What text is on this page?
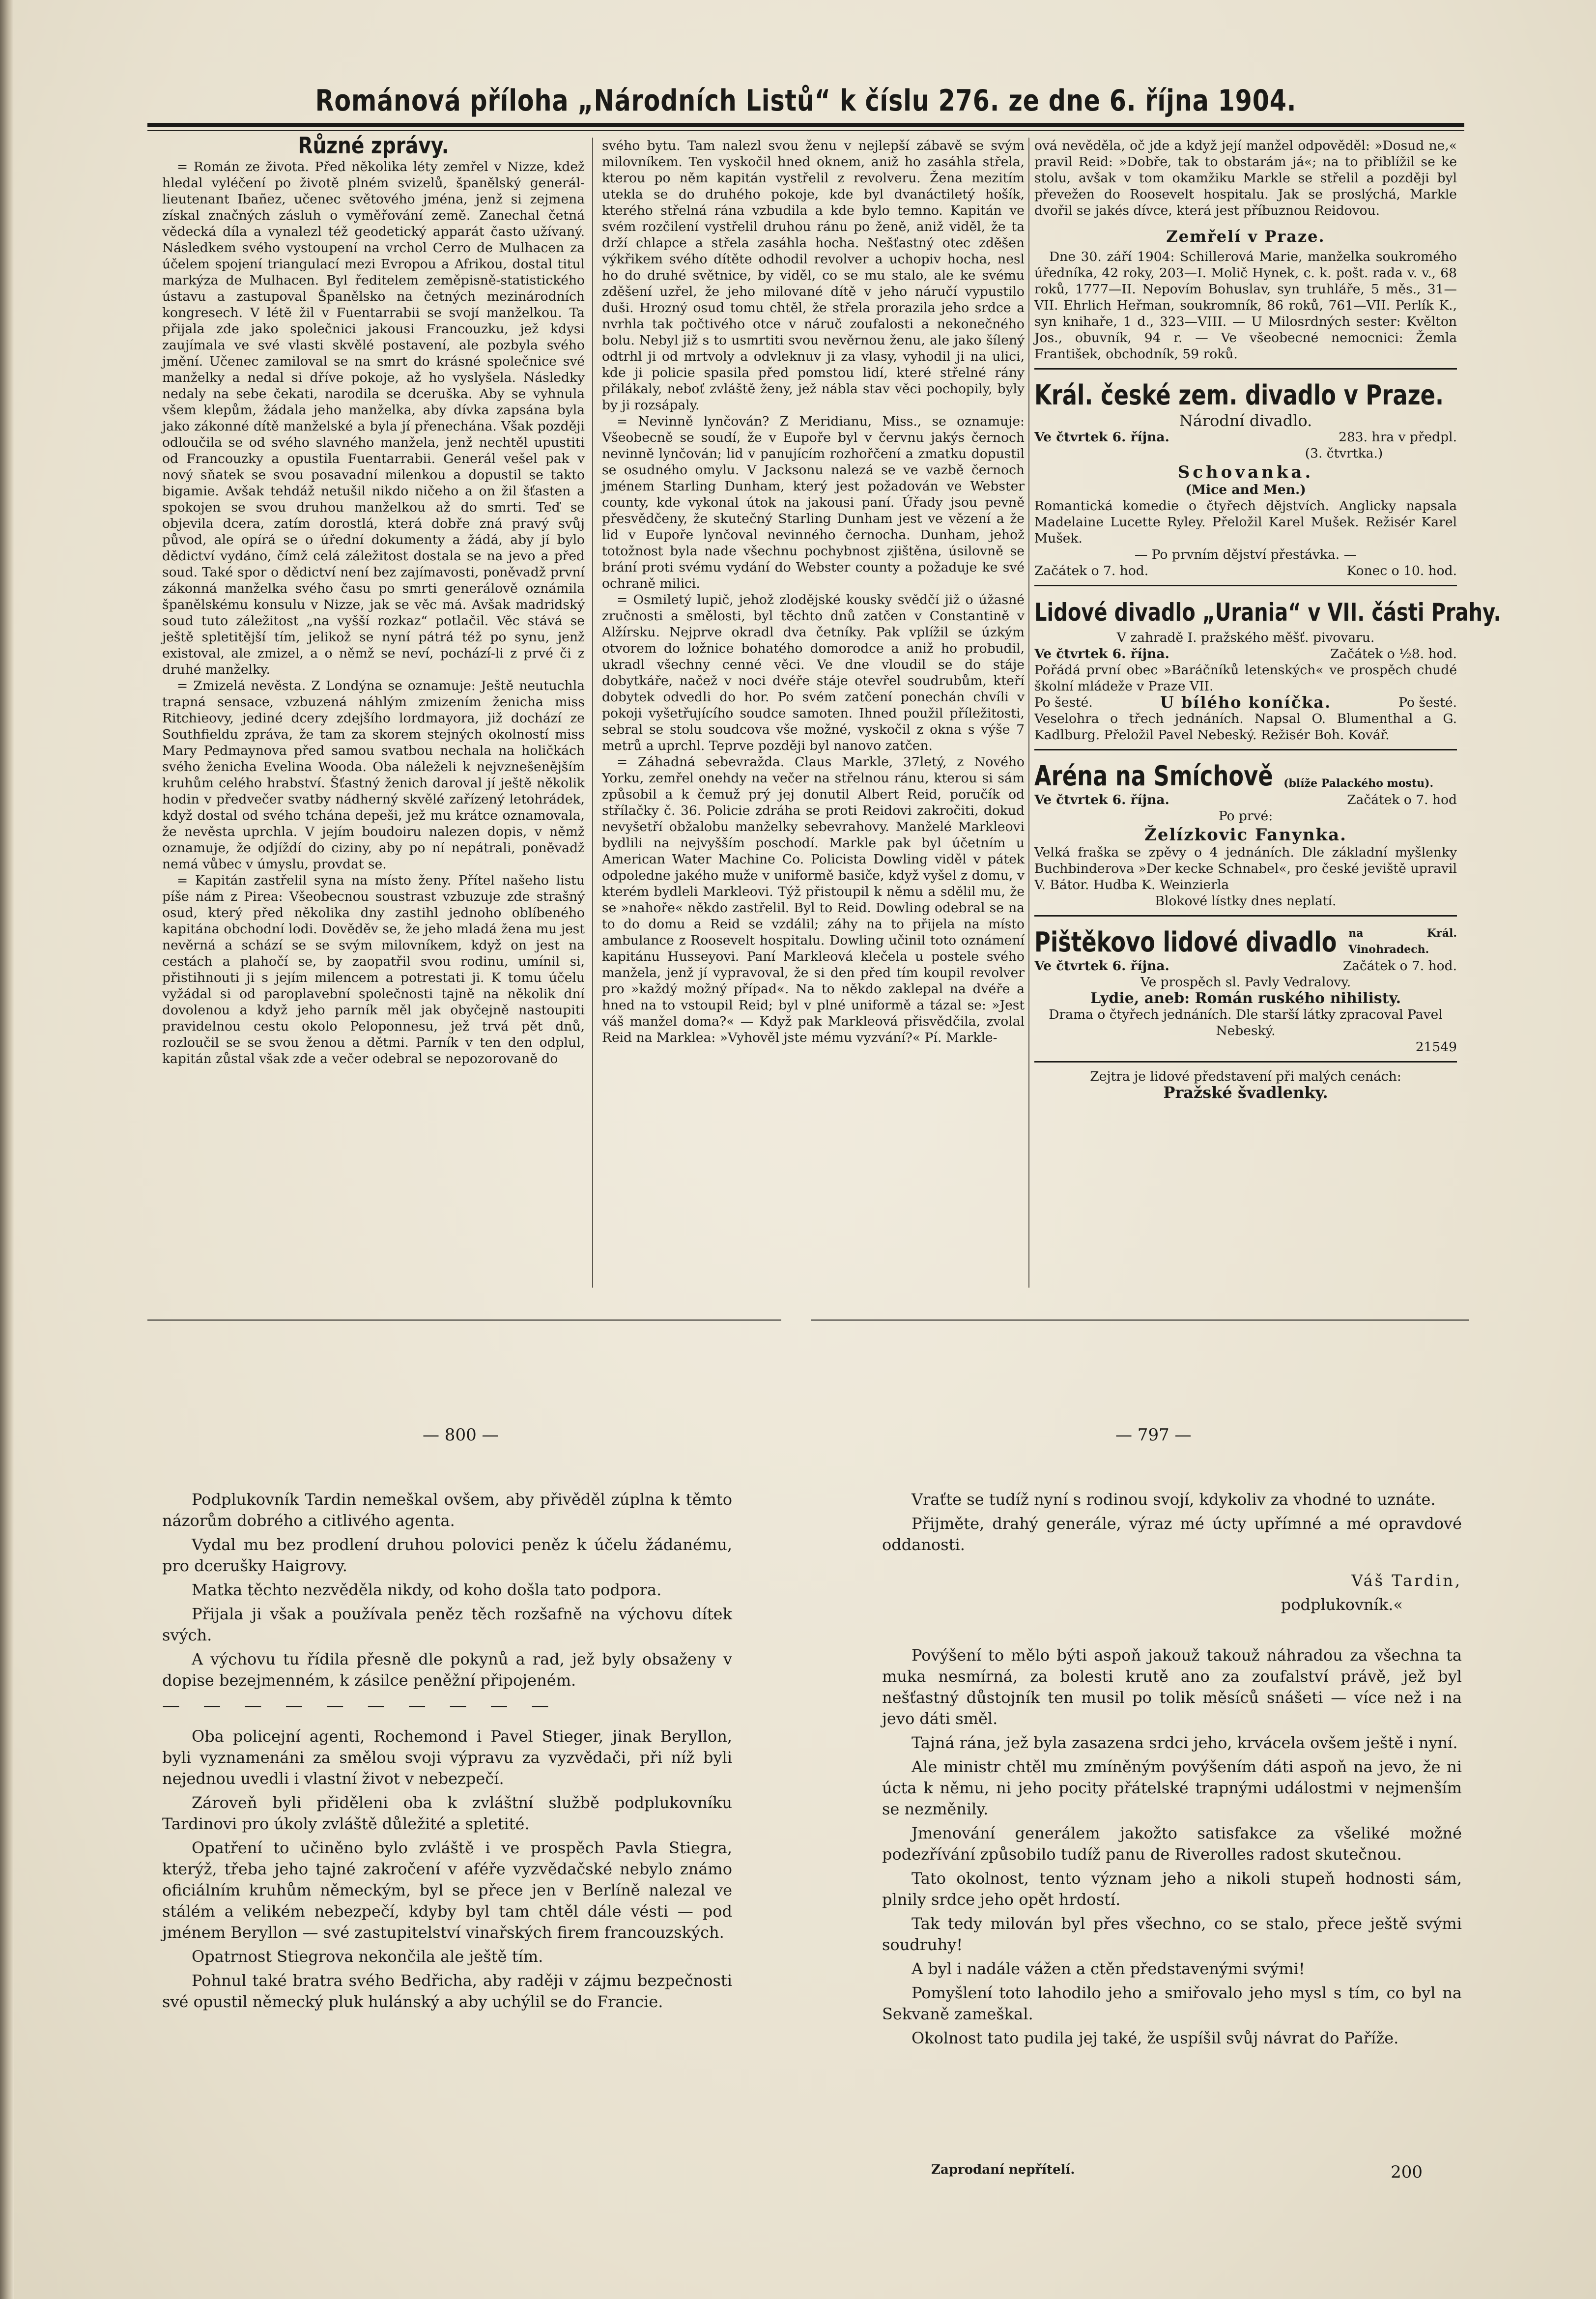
Románová příloha „Národních Listů“ k číslu 276. ze dne 6. října 1904.
Různé zprávy.

= Román ze života. Před několika léty zemřel v Nizze, kdež hledal vyléčení po životě plném svizelů, španělský generál-lieutenant Ibañez, učenec světového jména, jenž si zejmena získal značných zásluh o vyměřování země. Zanechal četná vědecká díla a vynalezl též geodetický apparát často užívaný. Následkem svého vystoupení na vrchol Cerro de Mulhacen za účelem spojení triangulací mezi Evropou a Afrikou, dostal titul markýza de Mulhacen. Byl ředitelem zeměpisně-statistického ústavu a zastupoval Španělsko na četných mezinárodních kongresech. V létě žil v Fuentarrabii se svojí manželkou. Ta přijala zde jako společnici jakousi Francouzku, jež kdysi zaujímala ve své vlasti skvělé postavení, ale pozbyla svého jmění. Učenec zamiloval se na smrt do krásné společnice své manželky a nedal si dříve pokoje, až ho vyslyšela. Následky nedaly na sebe čekati, narodila se dceruška. Aby se vyhnula všem klepům, žádala jeho manželka, aby dívka zapsána byla jako zákonné dítě manželské a byla jí přenechána. Však později odloučila se od svého slavného manžela, jenž nechtěl upustiti od Francouzky a opustila Fuentarrabii. Generál vešel pak v nový sňatek se svou posavadní milenkou a dopustil se takto bigamie. Avšak tehdáž netušil nikdo ničeho a on žil šťasten a spokojen se svou druhou manželkou až do smrti. Teď se objevila dcera, zatím dorostlá, která dobře zná pravý svůj původ, ale opírá se o úřední dokumenty a žádá, aby jí bylo dědictví vydáno, čímž celá záležitost dostala se na jevo a před soud. Také spor o dědictví není bez zajímavosti, poněvadž první zákonná manželka svého času po smrti generálově oznámila španělskému konsulu v Nizze, jak se věc má. Avšak madridský soud tuto záležitost „na vyšší rozkaz“ potlačil. Věc stává se ještě spletitější tím, jelikož se nyní pátrá též po synu, jenž existoval, ale zmizel, a o němž se neví, pochází-li z prvé či z druhé manželky.

= Zmizelá nevěsta. Z Londýna se oznamuje: Ještě neutuchla trapná sensace, vzbuzená náhlým zmizením ženicha miss Ritchieovy, jediné dcery zdejšího lordmayora, již dochází ze Southfieldu zpráva, že tam za skorem stejných okolností miss Mary Pedmaynova před samou svatbou nechala na holičkách svého ženicha Evelina Wooda. Oba náleželi k nejvznešenějším kruhům celého hrabství. Šťastný ženich daroval jí ještě několik hodin v předvečer svatby nádherný skvělé zařízený letohrádek, když dostal od svého tchána depeši, jež mu krátce oznamovala, že nevěsta uprchla. V jejím boudoiru nalezen dopis, v němž oznamuje, že odjíždí do ciziny, aby po ní nepátrali, poněvadž nemá vůbec v úmyslu, provdat se.

= Kapitán zastřelil syna na místo ženy. Přítel našeho listu píše nám z Pirea: Všeobecnou soustrast vzbuzuje zde strašný osud, který před několika dny zastihl jednoho oblíbeného kapitána obchodní lodi. Dověděv se, že jeho mladá žena mu jest nevěrná a schází se se svým milovníkem, když on jest na cestách a plahočí se, by zaopatřil svou rodinu, umínil si, přistihnouti ji s jejím milencem a potrestati ji. K tomu účelu vyžádal si od paroplavební společnosti tajně na několik dní dovolenou a když jeho parník měl jak obyčejně nastoupiti pravidelnou cestu okolo Peloponnesu, jež trvá pět dnů, rozloučil se se svou ženou a dětmi. Parník v ten den odplul, kapitán zůstal však zde a večer odebral se nepozorovaně do

svého bytu. Tam nalezl svou ženu v nejlepší zábavě se svým milovníkem. Ten vyskočil hned oknem, aniž ho zasáhla střela, kterou po něm kapitán vystřelil z revolveru. Žena mezitím utekla se do druhého pokoje, kde byl dvanáctiletý hošík, kterého střelná rána vzbudila a kde bylo temno. Kapitán ve svém rozčilení vystřelil druhou ránu po ženě, aniž viděl, že ta drží chlapce a střela zasáhla hocha. Nešťastný otec zděšen výkřikem svého dítěte odhodil revolver a uchopiv hocha, nesl ho do druhé světnice, by viděl, co se mu stalo, ale ke svému zděšení uzřel, že jeho milované dítě v jeho náručí vypustilo duši. Hrozný osud tomu chtěl, že střela prorazila jeho srdce a nvrhla tak počtivého otce v náruč zoufalosti a nekonečného bolu. Nebyl již s to usmrtiti svou nevěrnou ženu, ale jako šílený odtrhl ji od mrtvoly a odvleknuv ji za vlasy, vyhodil ji na ulici, kde ji policie spasila před pomstou lidí, které střelné rány přilákaly, neboť zvláště ženy, jež nábla stav věci pochopily, byly by ji rozsápaly.

= Nevinně lynčován? Z Meridianu, Miss., se oznamuje: Všeobecně se soudí, že v Eupoře byl v červnu jakýs černoch nevinně lynčován; lid v panujícím rozhořčení a zmatku dopustil se osudného omylu. V Jacksonu nalezá se ve vazbě černoch jménem Starling Dunham, který jest požadován ve Webster county, kde vykonal útok na jakousi paní. Úřady jsou pevně přesvědčeny, že skutečný Starling Dunham jest ve vězení a že lid v Eupoře lynčoval nevinného černocha. Dunham, jehož totožnost byla nade všechnu pochybnost zjištěna, úsilovně se brání proti svému vydání do Webster county a požaduje ke své ochraně milici.

= Osmiletý lupič, jehož zlodějské kousky svědčí již o úžasné zručnosti a smělosti, byl těchto dnů zatčen v Constantině v Alžírsku. Nejprve okradl dva četníky. Pak vplížil se úzkým otvorem do ložnice bohatého domorodce a aniž ho probudil, ukradl všechny cenné věci. Ve dne vloudil se do stáje dobytkáře, načež v noci dvéře stáje otevřel soudrubům, kteří dobytek odvedli do hor. Po svém zatčení ponechán chvíli v pokoji vyšetřujícího soudce samoten. Ihned použil příležitosti, sebral se stolu soudcova vše možné, vyskočil z okna s výše 7 metrů a uprchl. Teprve později byl nanovo zatčen.

= Záhadná sebevražda. Claus Markle, 37letý, z Nového Yorku, zemřel onehdy na večer na střelnou ránu, kterou si sám způsobil a k čemuž prý jej donutil Albert Reid, poručík od střílačky č. 36. Policie zdráha se proti Reidovi zakročiti, dokud nevyšetří obžalobu manželky sebevrahovy. Manželé Markleovi bydlili na nejvyšším poschodí. Markle pak byl účetním u American Water Machine Co. Policista Dowling viděl v pátek odpoledne jakého muže v uniformě basiče, když vyšel z domu, v kterém bydleli Markleovi. Týž přistoupil k němu a sdělil mu, že se »nahoře« někdo zastřelil. Byl to Reid. Dowling odebral se na to do domu a Reid se vzdálil; záhy na to přijela na místo ambulance z Roosevelt hospitalu. Dowling učinil toto oznámení kapitánu Husseyovi. Paní Markleová klečela u postele svého manžela, jenž jí vypravoval, že si den před tím koupil revolver pro »každý možný případ«. Na to někdo zaklepal na dvéře a hned na to vstoupil Reid; byl v plné uniformě a tázal se: »Jest váš manžel doma?« — Když pak Markleová přisvědčila, zvolal Reid na Markleа: »Vyhověl jste mému vyzvání?« Pí. Markle-

ová nevěděla, oč jde a když její manžel odpověděl: »Dosud ne,« pravil Reid: »Dobře, tak to obstarám já«; na to přiblížil se ke stolu, avšak v tom okamžiku Markle se střelil a později byl převežen do Roosevelt hospitalu. Jak se proslýchá, Markle dvořil se jakés dívce, která jest příbuznou Reidovou.

Zemřelí v Praze.

Dne 30. září 1904: Schillerová Marie, manželka soukromého úředníka, 42 roky, 203—I. Molič Hynek, c. k. pošt. rada v. v., 68 roků, 1777—II. Nepovím Bohuslav, syn truhláře, 5 měs., 31—VII. Ehrlich Heřman, soukromník, 86 roků, 761—VII. Perlík K., syn knihaře, 1 d., 323—VIII. — U Milosrdných sester: Kvělton Jos., obuvník, 94 r. — Ve všeobecné nemocnici: Žemla František, obchodník, 59 roků.

Král. české zem. divadlo v Praze.

Národní divadlo.

Ve čtvrtek 6. října.	283. hra v předpl.

(3. čtvrtka.)

Schovanka.

(Mice and Men.)

Romantická komedie o čtyřech dějstvích. Anglicky napsala Madelaine Lucette Ryley. Přeložil Karel Mušek. Režisér Karel Mušek.

— Po prvním dějství přestávka. —

Začátek o 7. hod.	Konec o 10. hod.
Lidové divadlo „Urania“ v VII. části Prahy.

V zahradě I. pražského měšť. pivovaru.

Ve čtvrtek 6. října.	Začátek o ½8. hod.

Pořádá první obec »Baráčníků letenských« ve prospěch chudé školní mládeže v Praze VII.

Po šesté.	U bílého koníčka.	Po šesté.

Veselohra o třech jednáních. Napsal O. Blumenthal a G. Kadlburg. Přeložil Pavel Nebeský. Režisér Boh. Kovář.

Aréna na Smíchově (blíže Palackého mostu).
Ve čtvrtek 6. října.	Začátek o 7. hod

Po prvé:

Želízkovic Fanynka.

Velká fraška se zpěvy o 4 jednáních. Dle základní myšlenky Buchbinderova »Der kecke Schnabel«, pro české jeviště upravil V. Bátor. Hudba K. Weinzierla

Blokové lístky dnes neplatí.

Pištěkovo lidové divadlo na Král. Vinohradech.
Ve čtvrtek 6. října.	Začátek o 7. hod.

Ve prospěch sl. Pavly Vedralovy.

Lydie, aneb: Román ruského nihilisty.

Drama o čtyřech jednáních. Dle starší látky zpracoval Pavel Nebeský.

21549

Zejtra je lidové představení při malých cenách:

Pražské švadlenky.

— 800 —	— 797 —

Podplukovník Tardin nemeškal ovšem, aby přivěděl zúplna k těmto názorům dobrého a citlivého agenta.

Vydal mu bez prodlení druhou polovici peněz k účelu žádanému, pro dcerušky Haigrovy.

Matka těchto nezvěděla nikdy, od koho došla tato podpora.

Přijala ji však a používala peněz těch rozšafně na výchovu dítek svých.

A výchovu tu řídila přesně dle pokynů a rad, jež byly obsaženy v dopise bezejmenném, k zásilce peněžní připojeném.

— — — — — — — — — —

Oba policejní agenti, Rochemond i Pavel Stieger, jinak Beryllon, byli vyznamenáni za smělou svoji výpravu za vyzvědači, při níž byli nejednou uvedli i vlastní život v nebezpečí.

Zároveň byli přiděleni oba k zvláštní službě podplukovníku Tardinovi pro úkoly zvláště důležité a spletité.

Opatření to učiněno bylo zvláště i ve prospěch Pavla Stiegra, kterýž, třeba jeho tajné zakročení v aféře vyzvědačské nebylo známo oficiálním kruhům německým, byl se přece jen v Berlíně nalezal ve stálém a velikém nebezpečí, kdyby byl tam chtěl dále vésti — pod jménem Beryllon — své zastupitelství vinařských firem francouzských.

Opatrnost Stiegrova nekončila ale ještě tím.

Pohnul také bratra svého Bedřicha, aby raději v zájmu bezpečnosti své opustil německý pluk hulánský a aby uchýlil se do Francie.

Vraťte se tudíž nyní s rodinou svojí, kdykoliv za vhodné to uznáte.

Přijměte, drahý generále, výraz mé úcty upřímné a mé opravdové oddanosti.

Váš Tardin,

podplukovník.«

Povýšení to mělo býti aspoň jakouž takouž náhradou za všechna ta muka nesmírná, za bolesti krutě ano za zoufalství právě, jež byl nešťastný důstojník ten musil po tolik měsíců snášeti — více než i na jevo dáti směl.

Tajná rána, jež byla zasazena srdci jeho, krvácela ovšem ještě i nyní.

Ale ministr chtěl mu zmíněným povýšením dáti aspoň na jevo, že ni úcta k němu, ni jeho pocity přátelské trapnými událostmi v nejmenším se nezměnily.

Jmenování generálem jakožto satisfakce za všeliké možné podezřívání způsobilo tudíž panu de Riverolles radost skutečnou.

Tato okolnost, tento význam jeho a nikoli stupeň hodnosti sám, plnily srdce jeho opět hrdostí.

Tak tedy milován byl přes všechno, co se stalo, přece ještě svými soudruhy!

A byl i nadále vážen a ctěn představenými svými!

Pomyšlení toto lahodilo jeho a smiřovalo jeho mysl s tím, co byl na Sekvaně zameškal.

Okolnost tato pudila jej také, že uspíšil svůj návrat do Paříže.

Zaprodaní nepřítelí.	200
